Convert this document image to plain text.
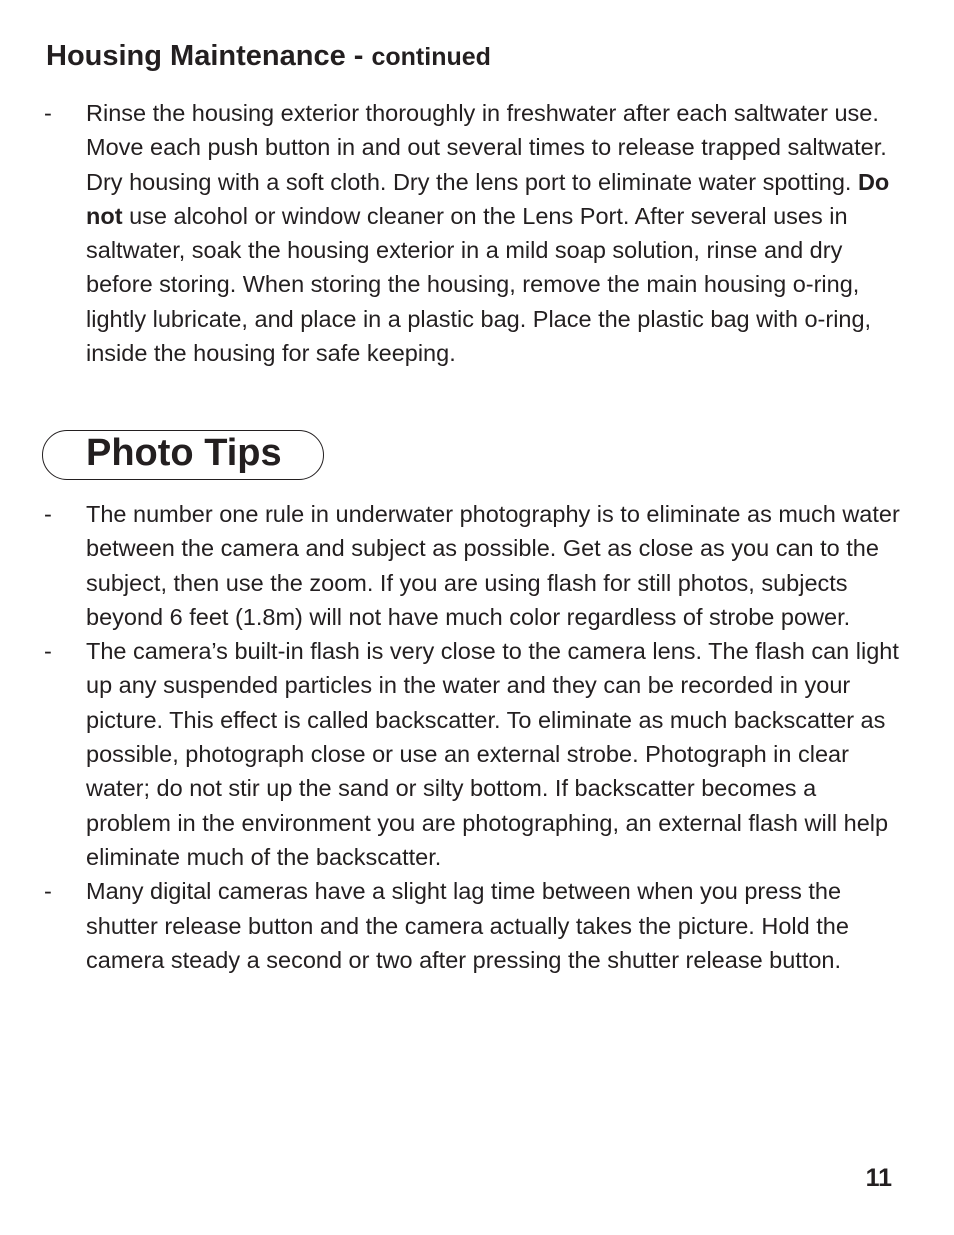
Housing Maintenance - continued
- Rinse the housing exterior thoroughly in freshwater after each saltwater use. Move each push button in and out several times to release trapped saltwater. Dry housing with a soft cloth. Dry the lens port to eliminate water spotting. Do not use alcohol or window cleaner on the Lens Port. After several uses in saltwater, soak the housing exterior in a mild soap solution, rinse and dry before storing. When storing the housing, remove the main housing o-ring, lightly lubricate, and place in a plastic bag. Place the plastic bag with o-ring, inside the housing for safe keeping.
Photo Tips
- The number one rule in underwater photography is to eliminate as much water between the camera and subject as possible. Get as close as you can to the subject, then use the zoom. If you are using flash for still photos, subjects beyond 6 feet (1.8m) will not have much color regardless of strobe power.
- The camera’s built-in flash is very close to the camera lens. The flash can light up any suspended particles in the water and they can be recorded in your picture. This effect is called backscatter. To eliminate as much backscatter as possible, photograph close or use an external strobe. Photograph in clear water; do not stir up the sand or silty bottom. If backscatter becomes a problem in the environment you are photographing, an external flash will help eliminate much of the backscatter.
- Many digital cameras have a slight lag time between when you press the shutter release button and the camera actually takes the picture. Hold the camera steady a second or two after pressing the shutter release button.
11
